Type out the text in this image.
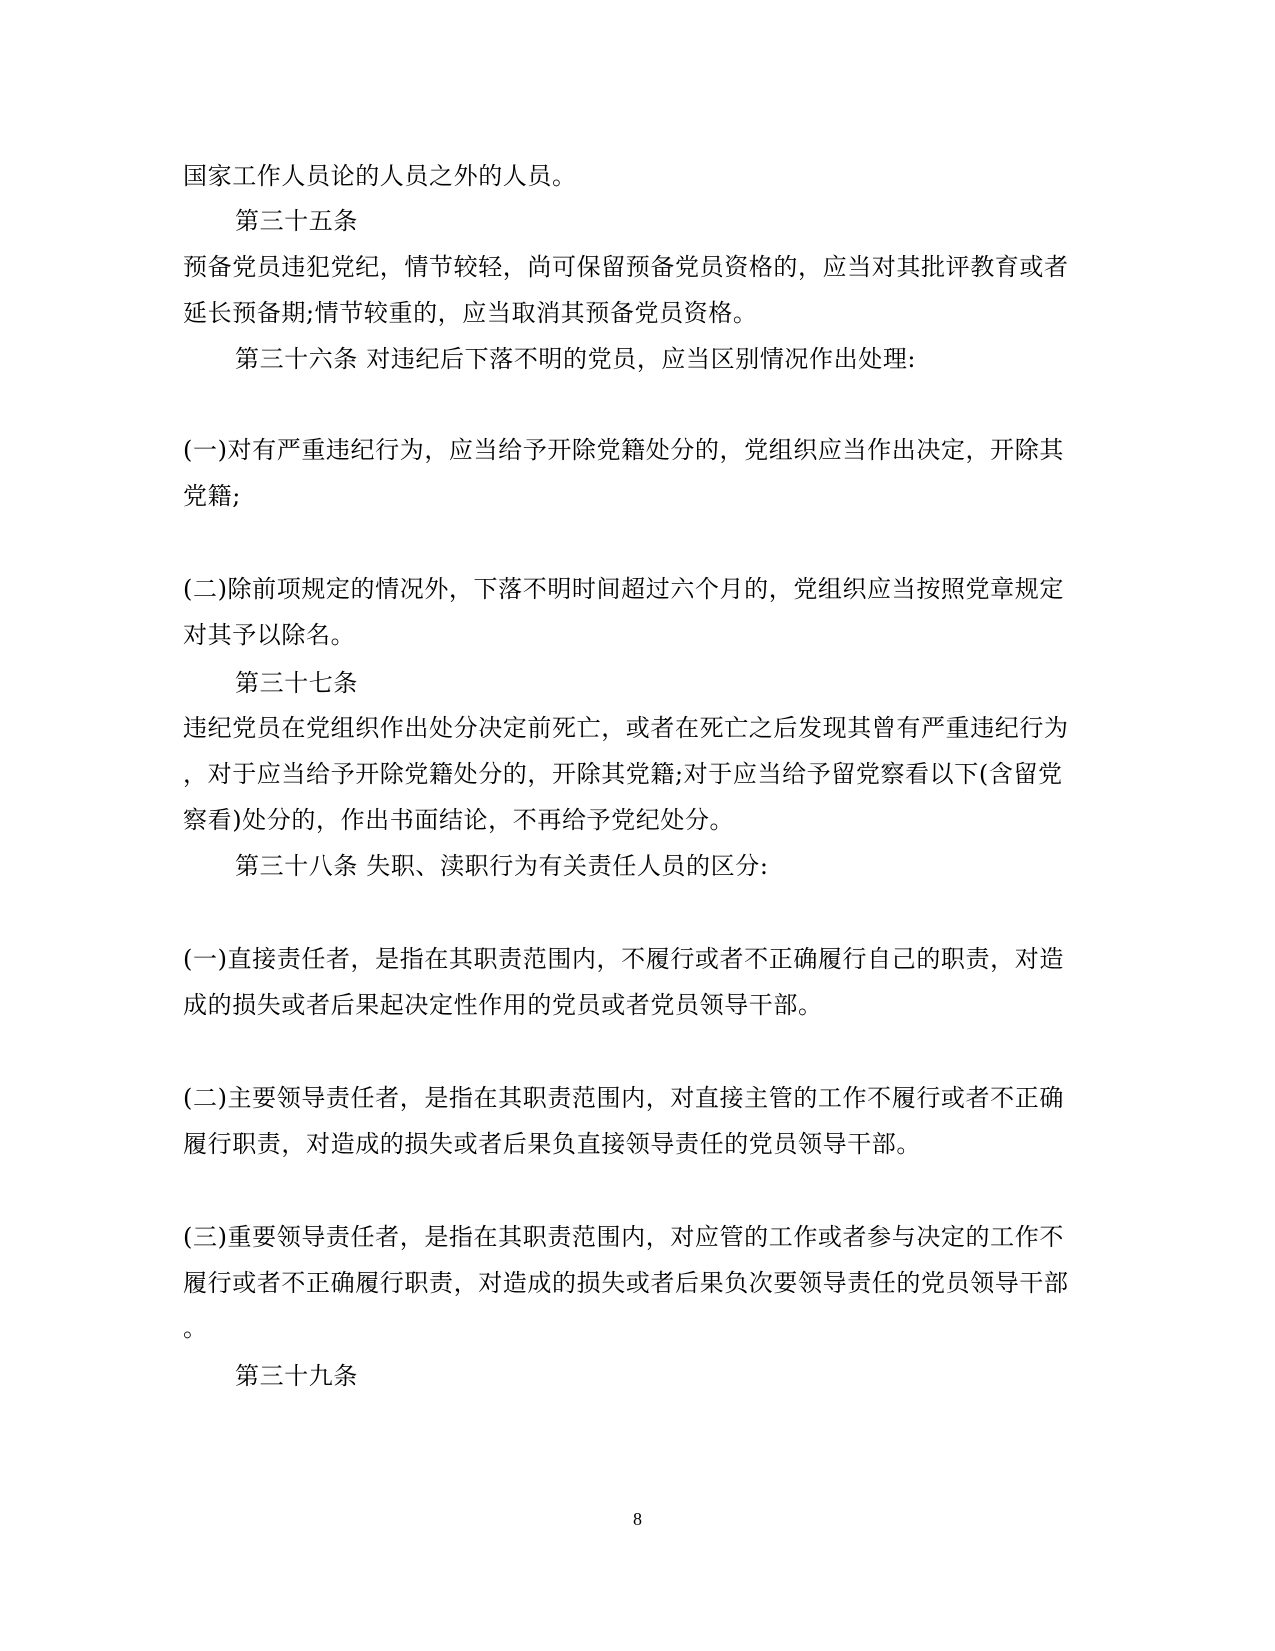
国家工作人员论的人员之外的人员。
第三十五条
预备党员违犯党纪，情节较轻，尚可保留预备党员资格的，应当对其批评教育或者
延长预备期;情节较重的，应当取消其预备党员资格。
第三十六条 对违纪后下落不明的党员，应当区别情况作出处理:
(一)对有严重违纪行为，应当给予开除党籍处分的，党组织应当作出决定，开除其
党籍;
(二)除前项规定的情况外，下落不明时间超过六个月的，党组织应当按照党章规定
对其予以除名。
第三十七条
违纪党员在党组织作出处分决定前死亡，或者在死亡之后发现其曾有严重违纪行为
，对于应当给予开除党籍处分的，开除其党籍;对于应当给予留党察看以下(含留党
察看)处分的，作出书面结论，不再给予党纪处分。
第三十八条 失职、渎职行为有关责任人员的区分:
(一)直接责任者，是指在其职责范围内，不履行或者不正确履行自己的职责，对造
成的损失或者后果起决定性作用的党员或者党员领导干部。
(二)主要领导责任者，是指在其职责范围内，对直接主管的工作不履行或者不正确
履行职责，对造成的损失或者后果负直接领导责任的党员领导干部。
(三)重要领导责任者，是指在其职责范围内，对应管的工作或者参与决定的工作不
履行或者不正确履行职责，对造成的损失或者后果负次要领导责任的党员领导干部
。
第三十九条
8
